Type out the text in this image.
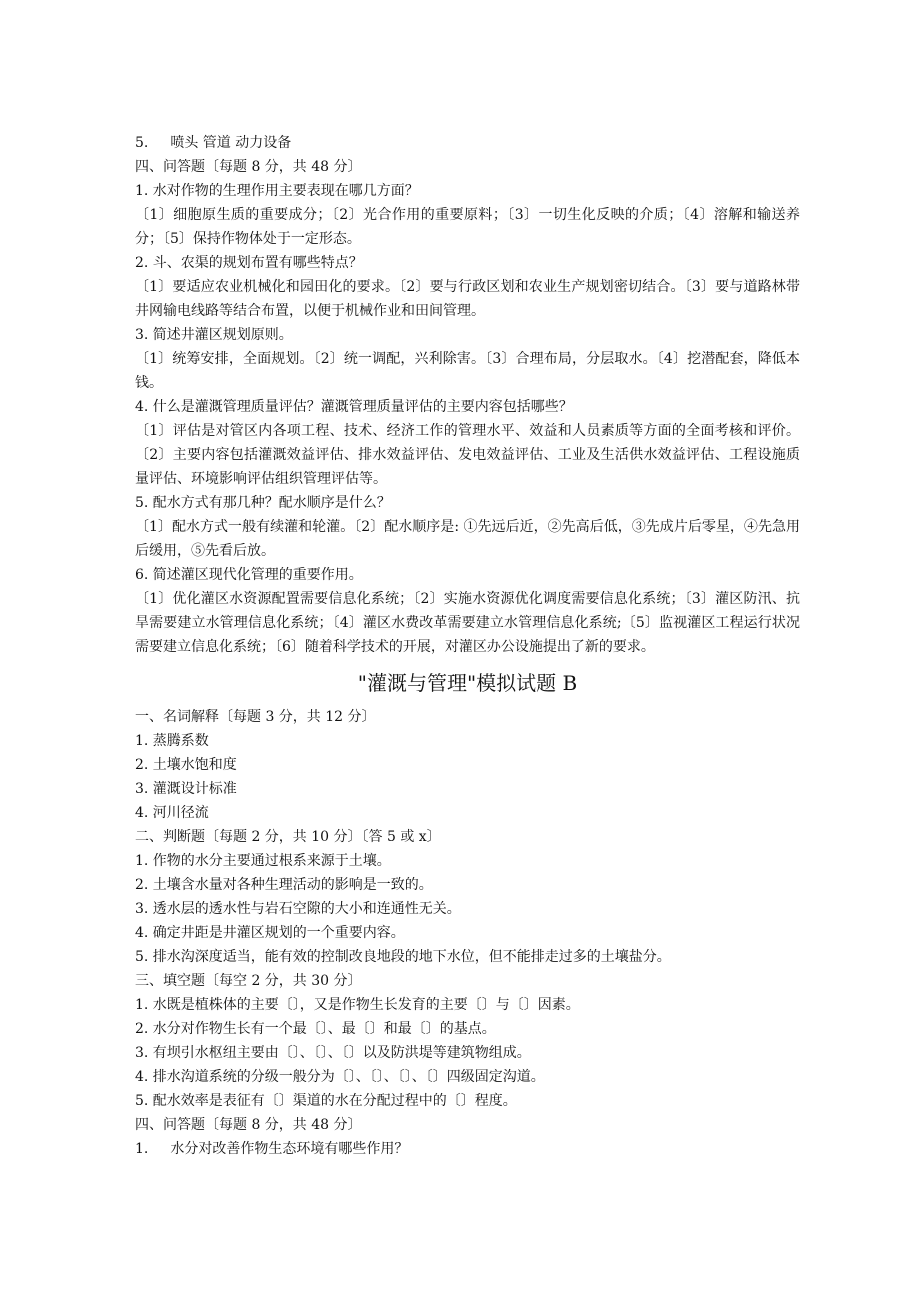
5. 喷头 管道 动力设备
四、问答题〔每题 8 分，共 48 分〕
1. 水对作物的生理作用主要表现在哪几方面？
〔1〕细胞原生质的重要成分；〔2〕光合作用的重要原料；〔3〕一切生化反映的介质；〔4〕溶解和输送养分；〔5〕保持作物体处于一定形态。
2. 斗、农渠的规划布置有哪些特点？
〔1〕要适应农业机械化和园田化的要求。〔2〕要与行政区划和农业生产规划密切结合。〔3〕要与道路林带井网输电线路等结合布置，以便于机械作业和田间管理。
3. 简述井灌区规划原则。
〔1〕统筹安排，全面规划。〔2〕统一调配，兴利除害。〔3〕合理布局，分层取水。〔4〕挖潜配套，降低本钱。
4. 什么是灌溉管理质量评估？灌溉管理质量评估的主要内容包括哪些？
〔1〕评估是对管区内各项工程、技术、经济工作的管理水平、效益和人员素质等方面的全面考核和评价。〔2〕主要内容包括灌溉效益评估、排水效益评估、发电效益评估、工业及生活供水效益评估、工程设施质量评估、环境影响评估组织管理评估等。
5. 配水方式有那几种？配水顺序是什么？
〔1〕配水方式一般有续灌和轮灌。〔2〕配水顺序是: ①先远后近，②先高后低，③先成片后零星，④先急用后缓用，⑤先看后放。
6. 简述灌区现代化管理的重要作用。
〔1〕优化灌区水资源配置需要信息化系统；〔2〕实施水资源优化调度需要信息化系统；〔3〕灌区防汛、抗旱需要建立水管理信息化系统；〔4〕灌区水费改革需要建立水管理信息化系统;〔5〕监视灌区工程运行状况需要建立信息化系统；〔6〕随着科学技术的开展，对灌区办公设施提出了新的要求。
"灌溉与管理"模拟试题 B
一、名词解释〔每题 3 分，共 12 分〕
1. 蒸腾系数
2. 土壤水饱和度
3. 灌溉设计标准
4. 河川径流
二、判断题〔每题 2 分，共 10 分〕〔答 5 或 x〕
1. 作物的水分主要通过根系来源于土壤。
2. 土壤含水量对各种生理活动的影响是一致的。
3. 透水层的透水性与岩石空隙的大小和连通性无关。
4. 确定井距是井灌区规划的一个重要内容。
5. 排水沟深度适当，能有效的控制改良地段的地下水位，但不能排走过多的土壤盐分。
三、填空题〔每空 2 分，共 30 分〕
1. 水既是植株体的主要〔〕，又是作物生长发育的主要〔〕与〔〕因素。
2. 水分对作物生长有一个最〔〕、最〔〕和最〔〕的基点。
3. 有坝引水枢纽主要由〔〕、〔〕、〔〕以及防洪堤等建筑物组成。
4. 排水沟道系统的分级一般分为〔〕、〔〕、〔〕、〔〕四级固定沟道。
5. 配水效率是表征有〔〕渠道的水在分配过程中的〔〕程度。
四、问答题〔每题 8 分，共 48 分〕
1. 水分对改善作物生态环境有哪些作用？
